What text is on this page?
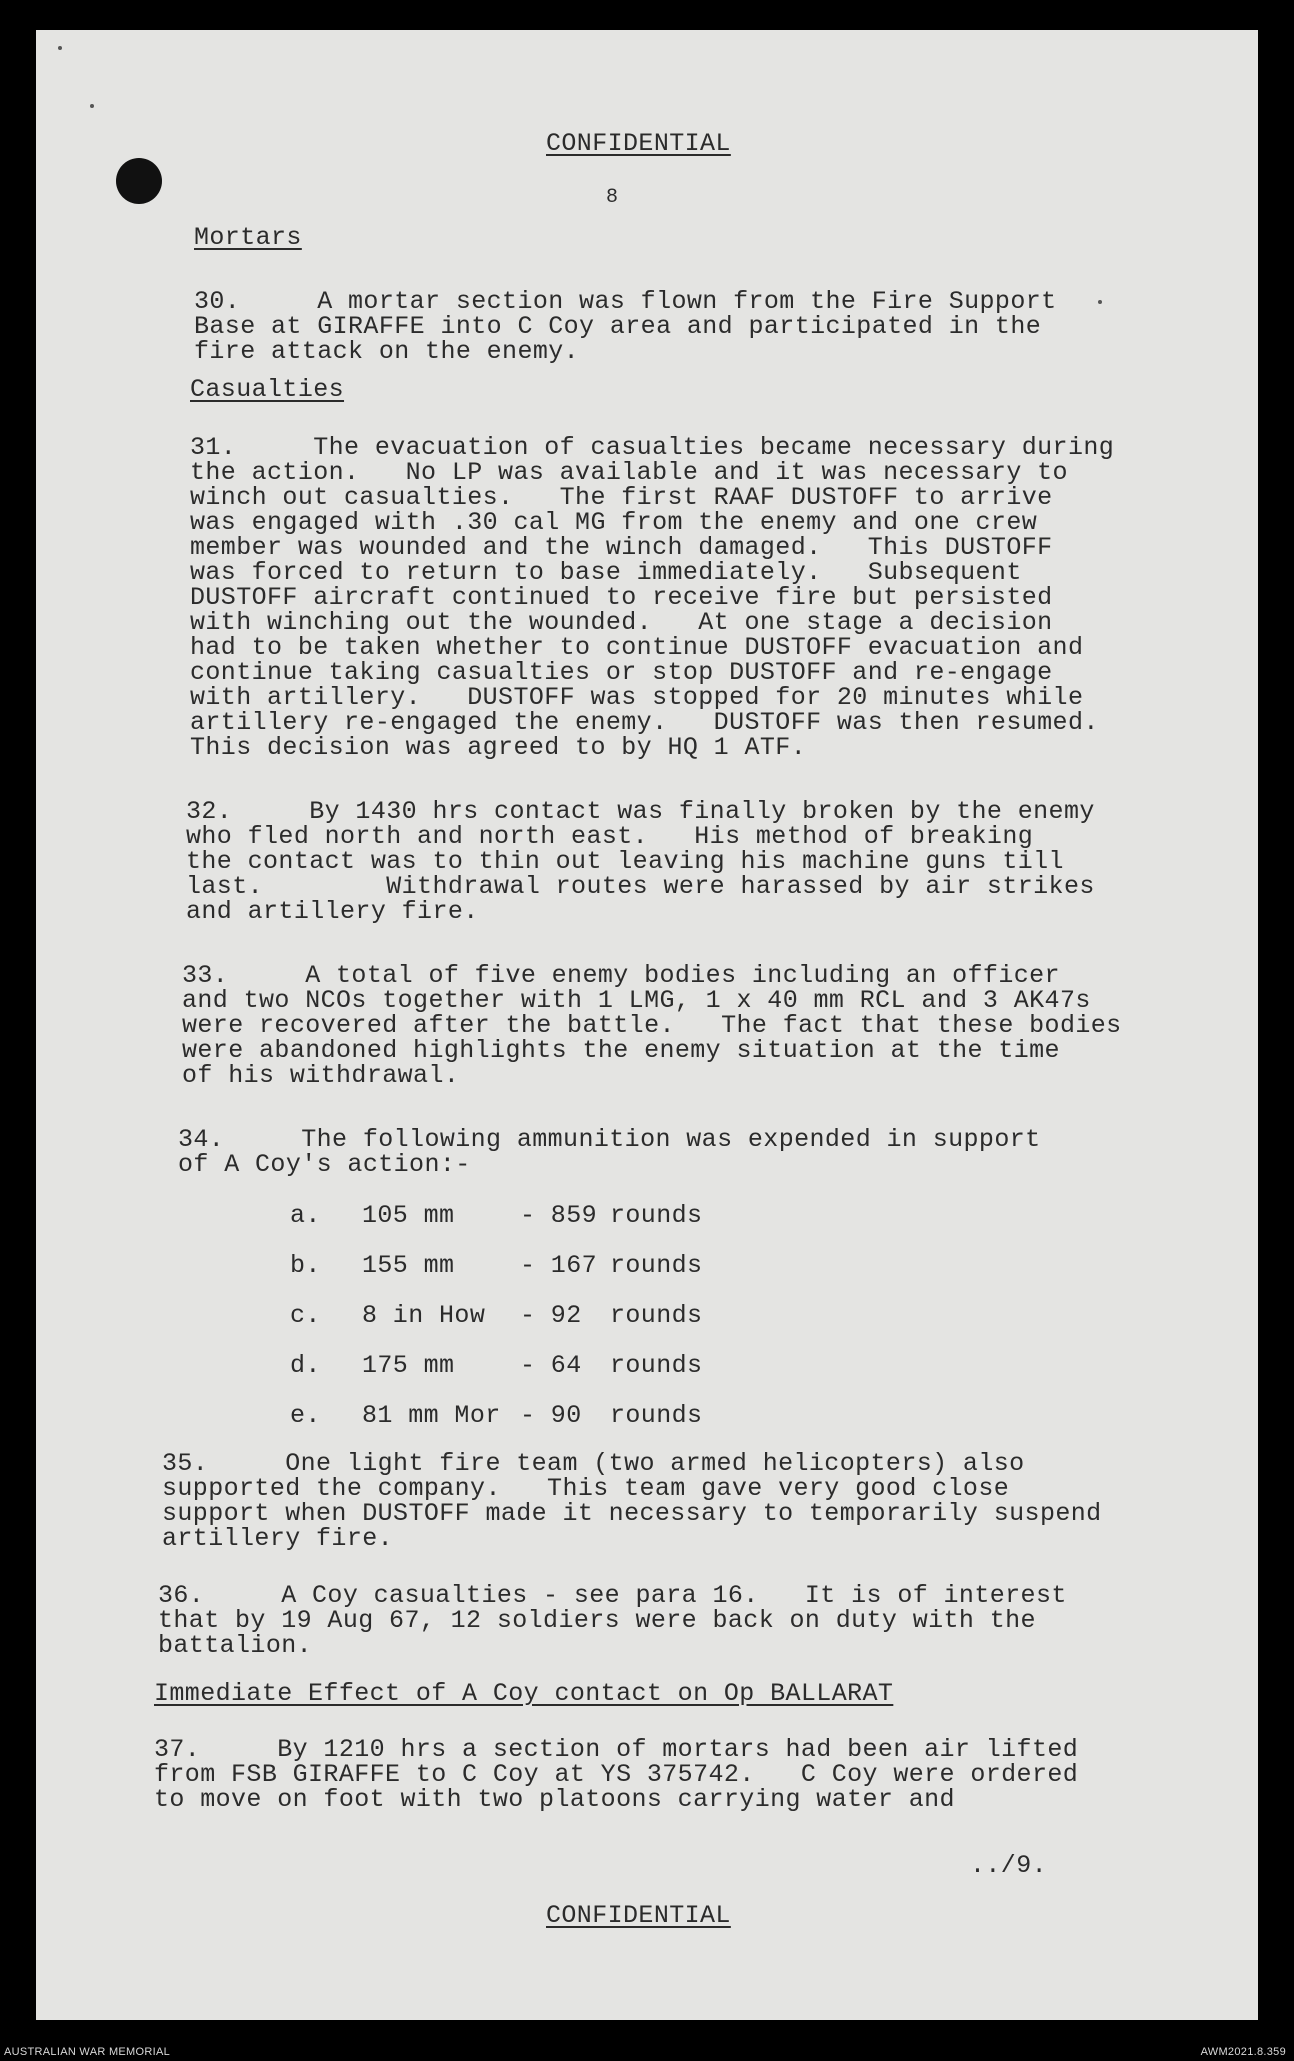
CONFIDENTIAL
8
Mortars
30.     A mortar section was flown from the Fire Support
Base at GIRAFFE into C Coy area and participated in the
fire attack on the enemy.
Casualties
31.     The evacuation of casualties became necessary during
the action.   No LP was available and it was necessary to
winch out casualties.   The first RAAF DUSTOFF to arrive
was engaged with .30 cal MG from the enemy and one crew
member was wounded and the winch damaged.   This DUSTOFF
was forced to return to base immediately.   Subsequent
DUSTOFF aircraft continued to receive fire but persisted
with winching out the wounded.   At one stage a decision
had to be taken whether to continue DUSTOFF evacuation and
continue taking casualties or stop DUSTOFF and re-engage
with artillery.   DUSTOFF was stopped for 20 minutes while
artillery re-engaged the enemy.   DUSTOFF was then resumed.
This decision was agreed to by HQ 1 ATF.
32.     By 1430 hrs contact was finally broken by the enemy
who fled north and north east.   His method of breaking
the contact was to thin out leaving his machine guns till
last.        Withdrawal routes were harassed by air strikes
and artillery fire.
33.     A total of five enemy bodies including an officer
and two NCOs together with 1 LMG, 1 x 40 mm RCL and 3 AK47s
were recovered after the battle.   The fact that these bodies
were abandoned highlights the enemy situation at the time
of his withdrawal.
34.     The following ammunition was expended in support
of A Coy's action:-
a. 105 mm	- 859 rounds
b. 155 mm	- 167 rounds
c. 8 in How - 92 rounds
d. 175 mm	- 64 rounds
e. 81 mm Mor - 90 rounds
35.     One light fire team (two armed helicopters) also
supported the company.   This team gave very good close
support when DUSTOFF made it necessary to temporarily suspend
artillery fire.
36.     A Coy casualties - see para 16.   It is of interest
that by 19 Aug 67, 12 soldiers were back on duty with the
battalion.
Immediate Effect of A Coy contact on Op BALLARAT
37.     By 1210 hrs a section of mortars had been air lifted
from FSB GIRAFFE to C Coy at YS 375742.   C Coy were ordered
to move on foot with two platoons carrying water and
../9.
CONFIDENTIAL
AUSTRALIAN WAR MEMORIAL	AWM2021.8.359
